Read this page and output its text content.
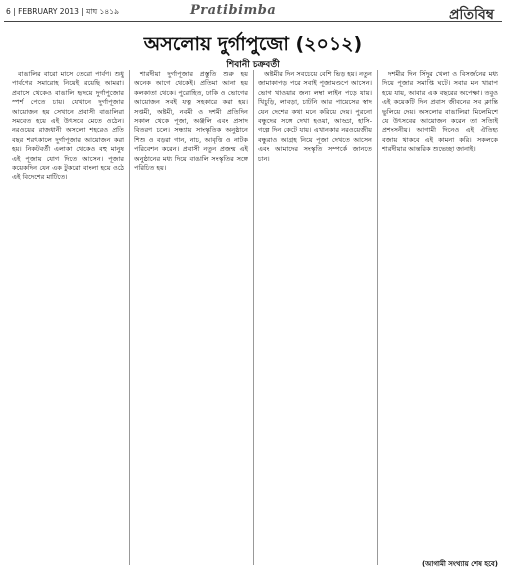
6 | FEBRUARY 2013 | মাঘ ১৪১৯	Pratibimba	প্রতিবিম্ব
অসলোয় দুর্গাপুজো (২০১২)
শিবানী চক্রবর্তী

বাঙালির বারো মাসে তেরো পার্বণ। শুধু পার্বণের সমারোহ নিয়েই রয়েছি আমরা। প্রবাসে থেকেও বাঙালি হৃদয়ে দুর্গাপুজোর স্পর্শ পেতে চায়। যেখানে দুর্গাপূজার আয়োজন হয় সেখানে প্রবাসী বাঙালিরা সমবেত হয়ে এই উৎসবে মেতে ওঠেন। নরওয়ের রাজধানী অসলো শহরেও প্রতি বছর শরৎকালে দুর্গাপূজার আয়োজন করা হয়। নিকটবর্তী এলাকা থেকেও বহু মানুষ এই পূজায় যোগ দিতে আসেন। পূজার কয়েকদিন যেন এক টুকরো বাংলা হয়ে ওঠে এই বিদেশের মাটিতে।

শারদীয়া দুর্গাপূজার প্রস্তুতি শুরু হয় অনেক আগে থেকেই। প্রতিমা আনা হয় কলকাতা থেকে। পুরোহিত, ঢাকি ও ভোগের আয়োজন সবই যত্ন সহকারে করা হয়। সপ্তমী, অষ্টমী, নবমী ও দশমী প্রতিদিন সকাল থেকে পূজা, অঞ্জলি এবং প্রসাদ বিতরণ চলে। সন্ধ্যায় সাংস্কৃতিক অনুষ্ঠানে শিশু ও বড়রা গান, নাচ, আবৃত্তি ও নাটক পরিবেশন করেন। প্রবাসী নতুন প্রজন্ম এই অনুষ্ঠানের মধ্য দিয়ে বাঙালি সংস্কৃতির সঙ্গে পরিচিত হয়।

অষ্টমীর দিন সবচেয়ে বেশি ভিড় হয়। নতুন জামাকাপড় পরে সবাই পূজামণ্ডপে আসেন। ভোগ খাওয়ার জন্য লম্বা লাইন পড়ে যায়। খিচুড়ি, লাবড়া, চাটনি আর পায়েসের স্বাদ যেন দেশের কথা মনে করিয়ে দেয়। পুরনো বন্ধুদের সঙ্গে দেখা হওয়া, আড্ডা, হাসি-গল্পে দিন কেটে যায়। এখানকার নরওয়েজীয় বন্ধুরাও আগ্রহ নিয়ে পূজা দেখতে আসেন এবং আমাদের সংস্কৃতি সম্পর্কে জানতে চান।

দশমীর দিন সিঁদুর খেলা ও বিসর্জনের মধ্য দিয়ে পূজার সমাপ্তি ঘটে। সবার মন খারাপ হয়ে যায়, আবার এক বছরের অপেক্ষা। তবুও এই কয়েকটি দিন প্রবাস জীবনের সব ক্লান্তি ভুলিয়ে দেয়। অসলোর বাঙালিরা মিলেমিশে যে উৎসবের আয়োজন করেন তা সত্যিই প্রশংসনীয়। আগামী দিনেও এই ঐতিহ্য বজায় থাকবে এই কামনা করি। সকলকে শারদীয়ার আন্তরিক শুভেচ্ছা জানাই।

(আগামী সংখ্যায় শেষ হবে)
